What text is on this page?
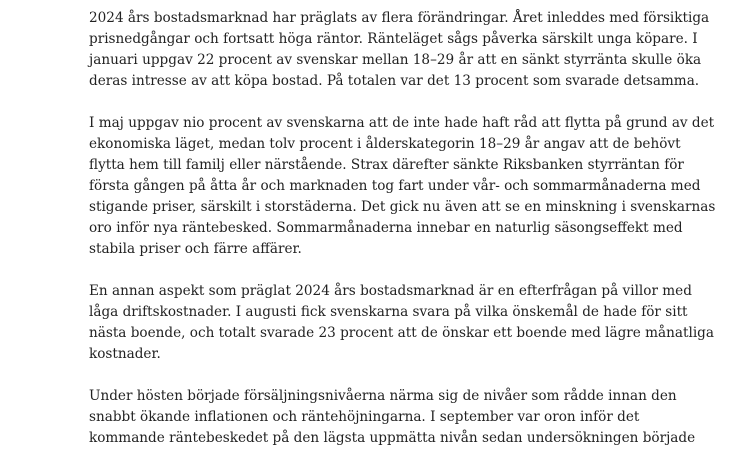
2024 års bostadsmarknad har präglats av flera förändringar. Året inleddes med försiktiga
prisnedgångar och fortsatt höga räntor. Ränteläget sågs påverka särskilt unga köpare. I
januari uppgav 22 procent av svenskar mellan 18–29 år att en sänkt styrränta skulle öka
deras intresse av att köpa bostad. På totalen var det 13 procent som svarade detsamma.

I maj uppgav nio procent av svenskarna att de inte hade haft råd att flytta på grund av det
ekonomiska läget, medan tolv procent i ålderskategorin 18–29 år angav att de behövt
flytta hem till familj eller närstående. Strax därefter sänkte Riksbanken styrräntan för
första gången på åtta år och marknaden tog fart under vår- och sommarmånaderna med
stigande priser, särskilt i storstäderna. Det gick nu även att se en minskning i svenskarnas
oro inför nya räntebesked. Sommarmånaderna innebar en naturlig säsongseffekt med
stabila priser och färre affärer.

En annan aspekt som präglat 2024 års bostadsmarknad är en efterfrågan på villor med
låga driftskostnader. I augusti fick svenskarna svara på vilka önskemål de hade för sitt
nästa boende, och totalt svarade 23 procent att de önskar ett boende med lägre månatliga
kostnader.

Under hösten började försäljningsnivåerna närma sig de nivåer som rådde innan den
snabbt ökande inflationen och räntehöjningarna. I september var oron inför det
kommande räntebeskedet på den lägsta uppmätta nivån sedan undersökningen började
